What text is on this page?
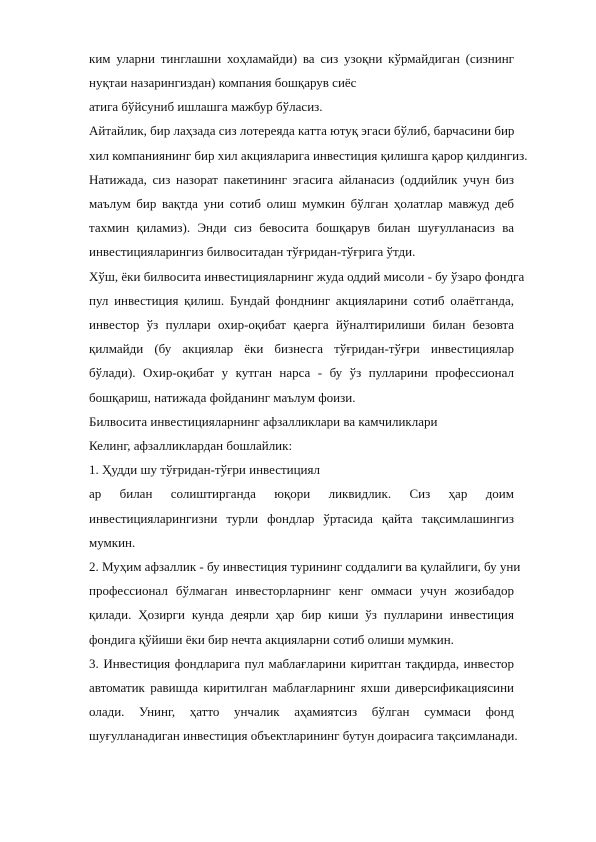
ким уларни тинглашни хоҳламайди) ва сиз узоқни кўрмайдиган (сизнинг
нуқтаи назарингиздан) компания бошқарув сиёс
атига бўйсуниб ишлашга мажбур бўласиз.
Айтайлик, бир лаҳзада сиз лотереяда катта ютуқ эгаси бўлиб, барчасини бир
хил компаниянинг бир хил акцияларига инвестиция қилишга қарор қилдингиз.
Натижада, сиз назорат пакетининг эгасига айланасиз (оддийлик учун биз
маълум бир вақтда уни сотиб олиш мумкин бўлган ҳолатлар мавжуд деб
тахмин қиламиз). Энди сиз бевосита бошқарув билан шуғулланасиз ва
инвестицияларингиз билвоситадан тўғридан-тўғрига ўтди.
Хўш, ёки билвосита инвестицияларнинг жуда оддий мисоли - бу ўзаро фондга
пул инвестиция қилиш. Бундай фонднинг акцияларини сотиб олаётганда,
инвестор ўз пуллари охир-оқибат қаерга йўналтирилиши билан безовта
қилмайди (бу акциялар ёки бизнесга тўғридан-тўғри инвестициялар
бўлади). Охир-оқибат у кутган нарса - бу ўз пулларини профессионал
бошқариш, натижада фойданинг маълум фоизи.
Билвосита инвестицияларнинг афзалликлари ва камчиликлари
Келинг, афзалликлардан бошлайлик:
1. Ҳудди шу тўғридан-тўғри инвестициял
ар билан солиштирганда юқори ликвидлик. Сиз ҳар доим
инвестицияларингизни турли фондлар ўртасида қайта тақсимлашингиз
мумкин.
2. Муҳим афзаллик - бу инвестиция турининг соддалиги ва қулайлиги, бу уни
профессионал бўлмаган инвесторларнинг кенг оммаси учун жозибадор
қилади. Ҳозирги кунда деярли ҳар бир киши ўз пулларини инвестиция
фондига қўйиши ёки бир нечта акцияларни сотиб олиши мумкин.
3. Инвестиция фондларига пул маблағларини киритган тақдирда, инвестор
автоматик равишда киритилган маблағларнинг яхши диверсификациясини
олади. Унинг, ҳатто унчалик аҳамиятсиз бўлган суммаси фонд
шуғулланадиган инвестиция объектларининг бутун доирасига тақсимланади.
